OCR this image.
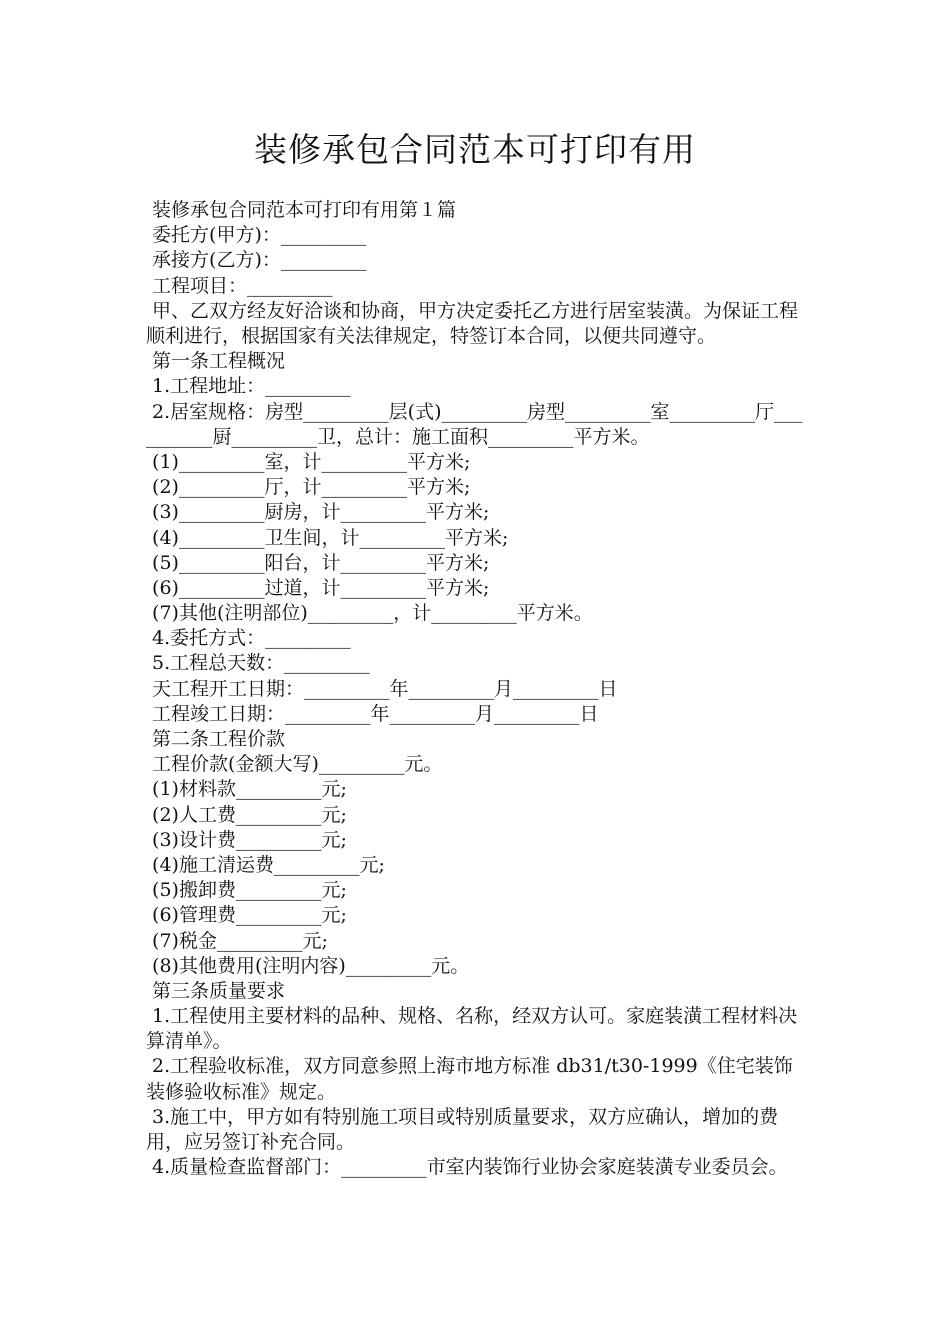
装修承包合同范本可打印有用
装修承包合同范本可打印有用第１篇
委托方(甲方)：_________
承接方(乙方)：_________
工程项目：_________
甲、乙双方经友好洽谈和协商，甲方决定委托乙方进行居室装潢。为保证工程顺利进行，根据国家有关法律规定，特签订本合同，以便共同遵守。
第一条工程概况
1.工程地址：_________
2.居室规格：房型_________层(式)_________房型_________室_________厅__________厨_________卫，总计：施工面积_________平方米。
(1)_________室，计_________平方米;
(2)_________厅，计_________平方米;
(3)_________厨房，计_________平方米;
(4)_________卫生间，计_________平方米;
(5)_________阳台，计_________平方米;
(6)_________过道，计_________平方米;
(7)其他(注明部位)_________，计_________平方米。
4.委托方式：_________
5.工程总天数：_________
天工程开工日期：_________年_________月_________日
工程竣工日期：_________年_________月_________日
第二条工程价款
工程价款(金额大写)_________元。
(1)材料款_________元;
(2)人工费_________元;
(3)设计费_________元;
(4)施工清运费_________元;
(5)搬卸费_________元;
(6)管理费_________元;
(7)税金_________元;
(8)其他费用(注明内容)_________元。
第三条质量要求
1.工程使用主要材料的品种、规格、名称，经双方认可。家庭装潢工程材料决算清单》。
2.工程验收标准，双方同意参照上海市地方标准 db31/t30-1999《住宅装饰装修验收标准》规定。
3.施工中，甲方如有特别施工项目或特别质量要求，双方应确认，增加的费用，应另签订补充合同。
4.质量检查监督部门：_________市室内装饰行业协会家庭装潢专业委员会。
